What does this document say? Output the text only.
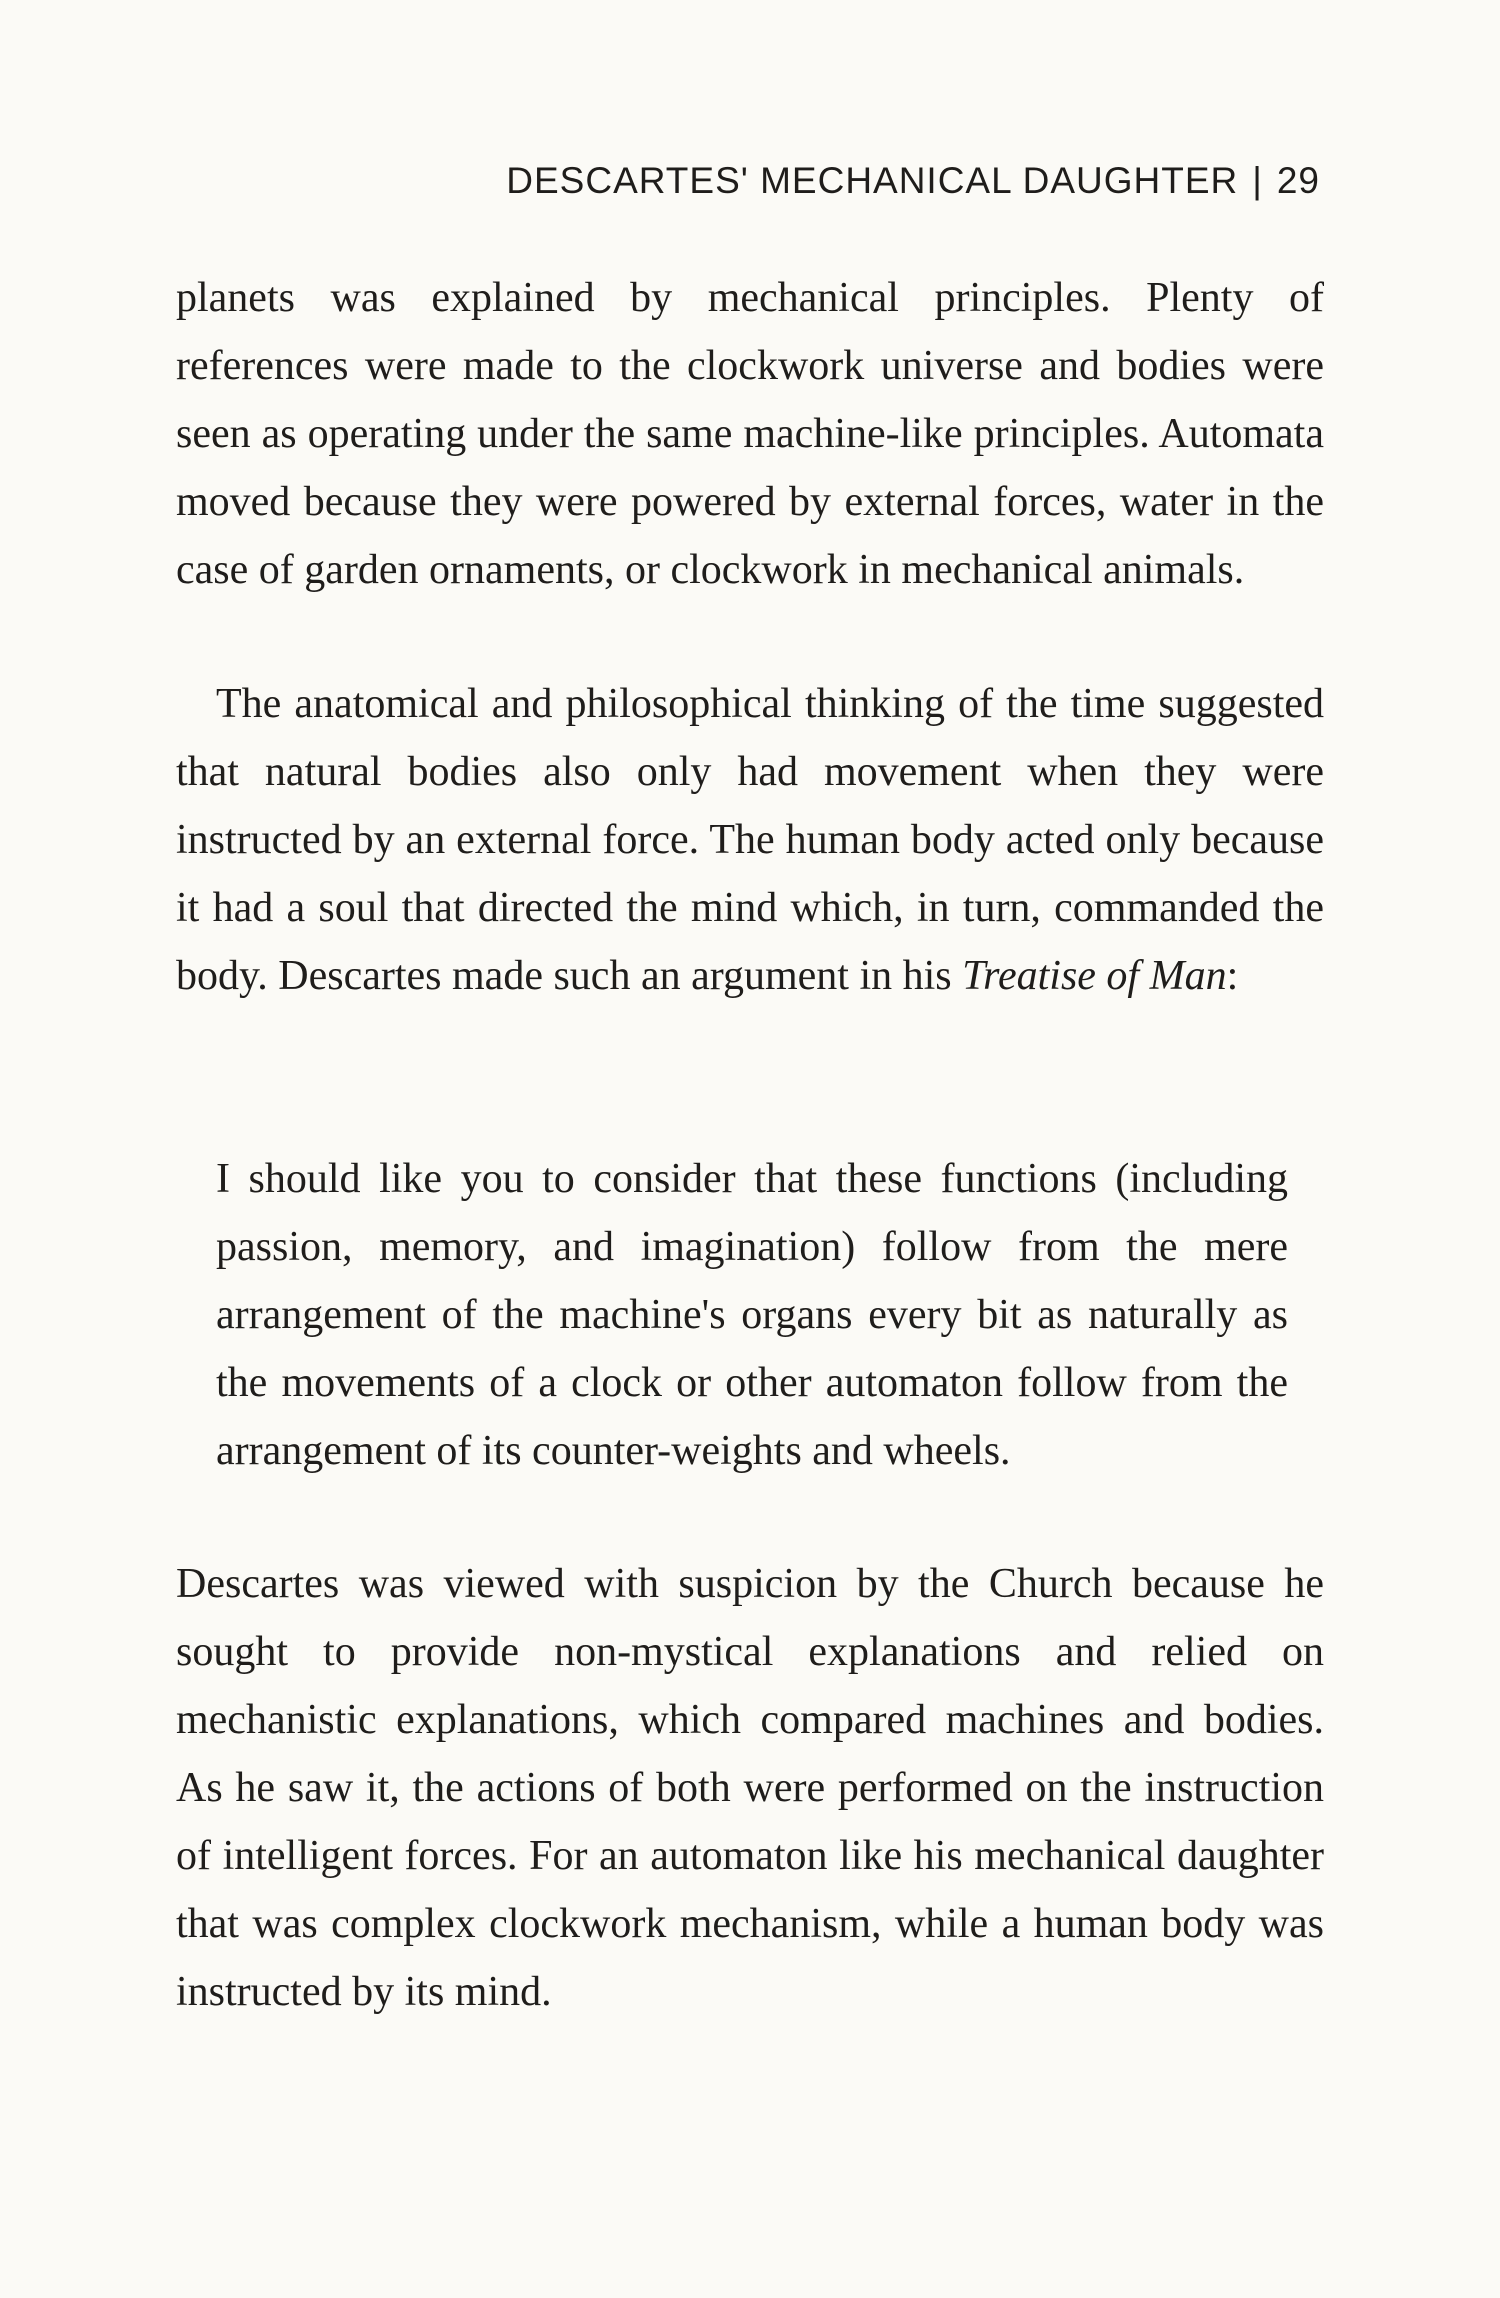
DESCARTES' MECHANICAL DAUGHTER | 29

planets was explained by mechanical principles. Plenty of references were made to the clockwork universe and bodies were seen as operating under the same machine-like principles. Automata moved because they were powered by external forces, water in the case of garden ornaments, or clockwork in mechanical animals.

The anatomical and philosophical thinking of the time suggested that natural bodies also only had movement when they were instructed by an external force. The human body acted only because it had a soul that directed the mind which, in turn, commanded the body. Descartes made such an argument in his Treatise of Man:

I should like you to consider that these functions (including passion, memory, and imagination) follow from the mere arrangement of the machine's organs every bit as naturally as the movements of a clock or other automaton follow from the arrangement of its counter-weights and wheels.

Descartes was viewed with suspicion by the Church because he sought to provide non-mystical explanations and relied on mechanistic explanations, which compared machines and bodies. As he saw it, the actions of both were performed on the instruction of intelligent forces. For an automaton like his mechanical daughter that was complex clockwork mechanism, while a human body was instructed by its mind.
